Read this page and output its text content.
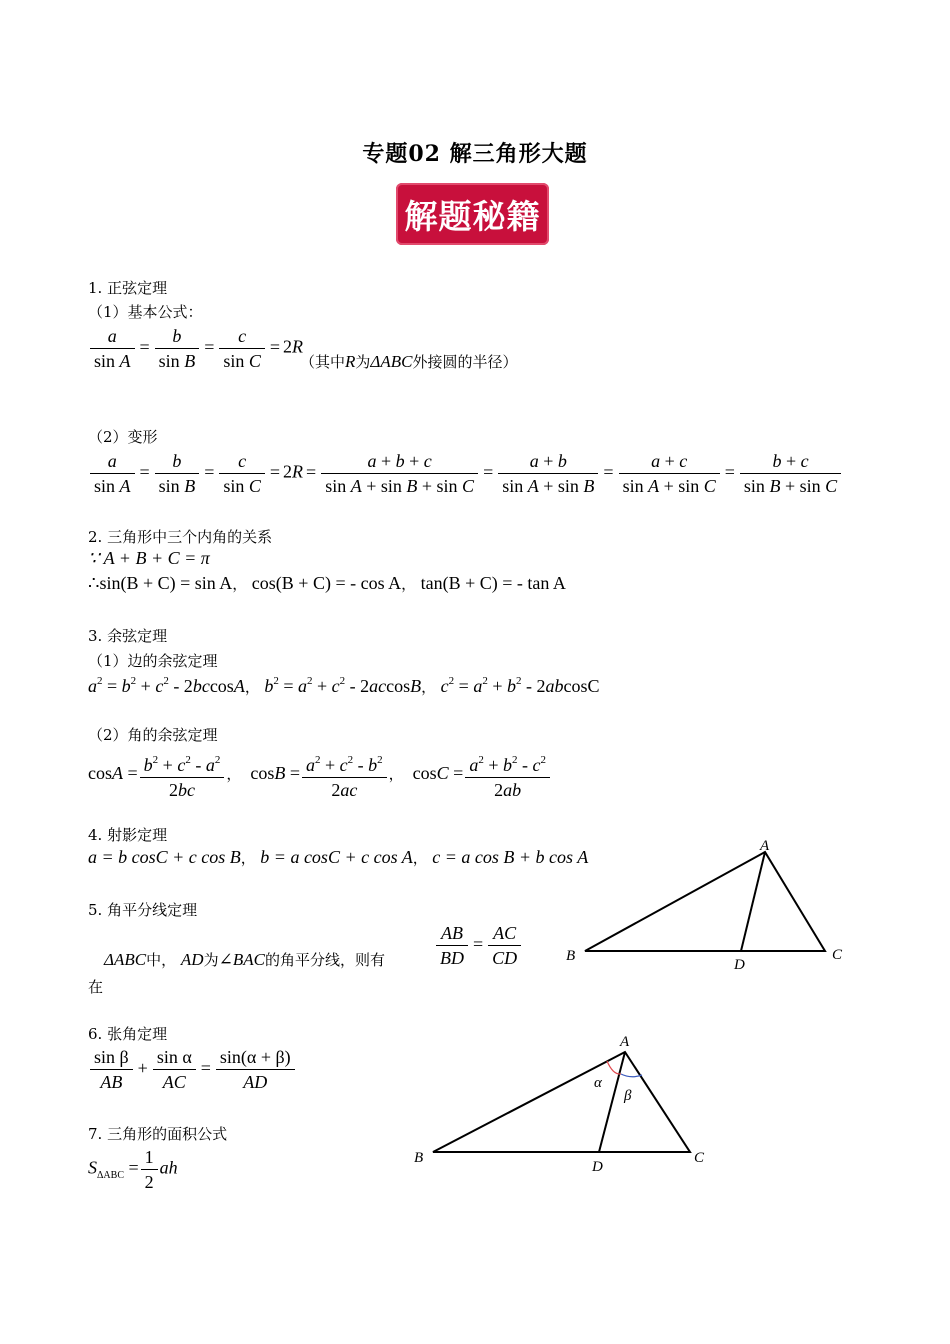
专题02 解三角形大题
解题秘籍
1. 正弦定理
（1）基本公式：
$\frac{a}{\text{sin A}} = \frac{b}{\text{sin B}} = \frac{c}{\text{sin C}} = 2R$
（其中R为ΔABC外接圆的半径）
（2）变形
$\frac{a}{\text{sin A}} = \frac{b}{\text{sin B}} = \frac{c}{\text{sin C}} = 2R = \frac{a + b + c}{\text{sin A + sin B + sin C}} = \frac{a + b}{\text{sin A + sin B}} = \frac{a + c}{\text{sin A + sin C}} = \frac{b + c}{\text{sin B + sin C}}$
2. 三角形中三个内角的关系
∵ A + B + C = π
∴sin(B + C) = sin A， cos(B + C) = - cos A， tan(B + C) = - tan A
3. 余弦定理
（1）边的余弦定理
$a^2 = b^2 + c^2 - 2bccosA$， $b^2 = a^2 + c^2 - 2accosB$， $c^2 = a^2 + b^2 - 2abcosC$
（2）角的余弦定理
$\cos A = \frac{b^2 + c^2 - a^2}{2bc}$ ，  $\cos B = \frac{a^2 + c^2 - b^2}{2ac}$ ，  $\cos C = \frac{a^2 + b^2 - c^2}{2ab}$
4. 射影定理
a = b cosC + c cos B， b = a cosC + c cos A， c = a cos B + b cos A
5. 角平分线定理
ΔABC中， AD为∠BAC的角平分线，则有	$\frac{AB}{BD} = \frac{AC}{CD}$
在
A
B	C
D
6. 张角定理
$\frac{\text{sin β}}{AB} + \frac{\text{sin α}}{AC} = \frac{\sin(\alpha + \beta)}{AD}$
7. 三角形的面积公式
$S_{\Delta ABC} = \frac{1}{2}$ ah
A
B	C
D
α
β
